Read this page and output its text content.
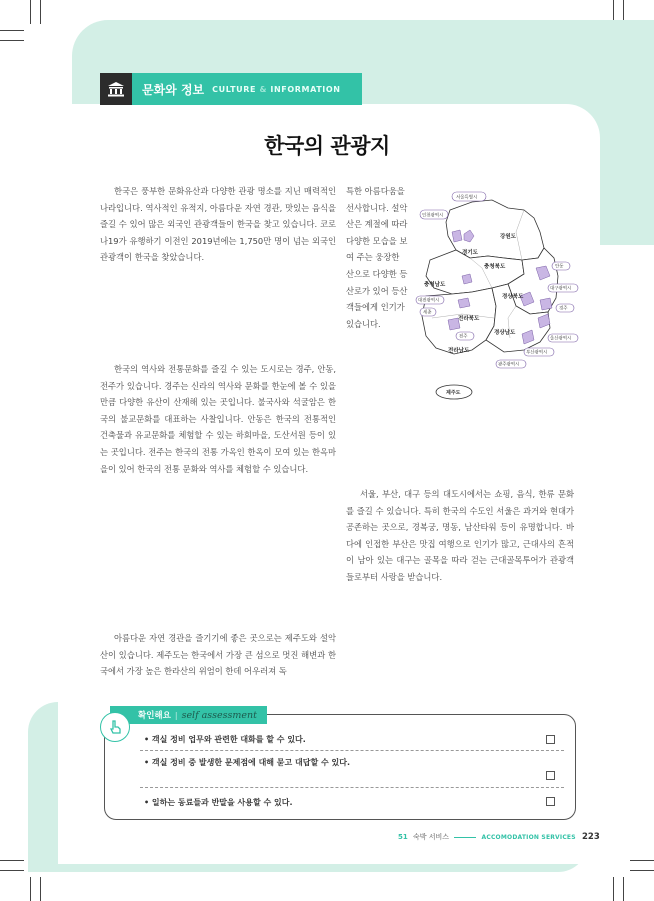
문화와 정보 CULTURE & INFORMATION
한국의 관광지

한국은 풍부한 문화유산과 다양한 관광 명소를 지닌 매력적인 나라입니다. 역사적인 유적지, 아름다운 자연 경관, 맛있는 음식을 즐길 수 있어 많은 외국인 관광객들이 한국을 찾고 있습니다. 코로나19가 유행하기 이전인 2019년에는 1,750만 명이 넘는 외국인 관광객이 한국을 찾았습니다.

특한 아름다움을 선사합니다. 설악산은 계절에 따라 다양한 모습을 보여 주는 웅장한 산으로 다양한 등산로가 있어 등산객들에게 인기가 있습니다.

한국의 역사와 전통문화를 즐길 수 있는 도시로는 경주, 안동, 전주가 있습니다. 경주는 신라의 역사와 문화를 한눈에 볼 수 있을 만큼 다양한 유산이 산재해 있는 곳입니다. 불국사와 석굴암은 한국의 불교문화를 대표하는 사찰입니다. 안동은 한국의 전통적인 건축물과 유교문화를 체험할 수 있는 하회마을, 도산서원 등이 있는 곳입니다. 전주는 한국의 전통 가옥인 한옥이 모여 있는 한옥마을이 있어 한국의 전통 문화와 역사를 체험할 수 있습니다.

서울, 부산, 대구 등의 대도시에서는 쇼핑, 음식, 한류 문화를 즐길 수 있습니다. 특히 한국의 수도인 서울은 과거와 현대가 공존하는 곳으로, 경복궁, 명동, 남산타워 등이 유명합니다. 바다에 인접한 부산은 맛집 여행으로 인기가 많고, 근대사의 흔적이 남아 있는 대구는 골목을 따라 걷는 근대골목투어가 관광객들로부터 사랑을 받습니다.

아름다운 자연 경관을 즐기기에 좋은 곳으로는 제주도와 설악산이 있습니다. 제주도는 한국에서 가장 큰 섬으로 멋진 해변과 한국에서 가장 높은 한라산의 위엄이 한데 어우러져 독

강원도
경기도
충청북도
충청남도
경상북도
전라북도
경상남도
전라남도
제주도
서울특별시
인천광역시
대전광역시
세종
안동
대구광역시
경주
울산광역시
부산광역시
광주광역시
전주
확인해요 | self assessment
• 객실 정비 업무와 관련한 대화를 할 수 있다.
• 객실 정비 중 발생한 문제점에 대해 묻고 대답할 수 있다.
• 일하는 동료들과 반말을 사용할 수 있다.
51 숙박 서비스	ACCOMODATION SERVICES 223
